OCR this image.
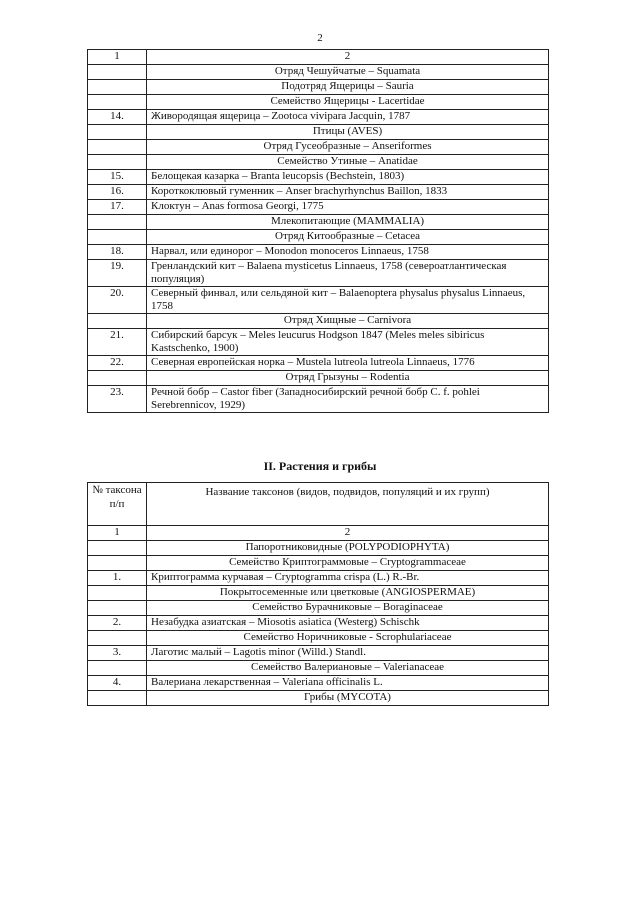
2
1	2
	Отряд Чешуйчатые – Squamata
	Подотряд Ящерицы – Sauria
	Семейство Ящерицы - Lacertidae
14.	Живородящая ящерица – Zootoca vivipara Jacquin, 1787
	Птицы (AVES)
	Отряд Гусеобразные – Anseriformes
	Семейство Утиные – Anatidae
15.	Белощекая казарка – Branta leucopsis (Bechstein, 1803)
16.	Короткоклювый гуменник – Anser brachyrhynchus Baillon, 1833
17.	Клоктун – Anas formosa Georgi, 1775
	Млекопитающие (MAMMALIA)
	Отряд Китообразные – Cetacea
18.	Нарвал, или единорог – Monodon monoceros Linnaeus, 1758
19.	Гренландский кит – Balaena mysticetus Linnaeus, 1758 (североатлантическая популяция)
20.	Северный финвал, или сельдяной кит – Balaenoptera physalus physalus Linnaeus, 1758
	Отряд Хищные – Carnivora
21.	Сибирский барсук – Meles leucurus Hodgson 1847 (Meles meles sibiricus Kastschenko, 1900)
22.	Северная европейская норка – Mustela lutreola lutreola Linnaeus, 1776
	Отряд Грызуны – Rodentia
23.	Речной бобр – Castor fiber (Западносибирский речной бобр C. f. pohlei Serebrennicov, 1929)
II. Растения и грибы
№ таксона п/п	Название таксонов (видов, подвидов, популяций и их групп)
1	2
	Папоротниковидные (POLYPODIOPHYTA)
	Семейство Криптограммовые – Cryptogrammaceae
1.	Криптограмма курчавая – Cryptogramma crispa (L.) R.-Br.
	Покрытосеменные или цветковые (ANGIOSPERMAE)
	Семейство Бурачниковые – Boraginaceae
2.	Незабудка азиатская – Miosotis asiatica (Westerg) Schischk
	Семейство Норичниковые - Scrophulariaceae
3.	Лаготис малый – Lagotis minor (Willd.) Standl.
	Семейство Валериановые – Valerianaceae
4.	Валериана лекарственная – Valeriana officinalis L.
	Грибы (MYCOTA)
